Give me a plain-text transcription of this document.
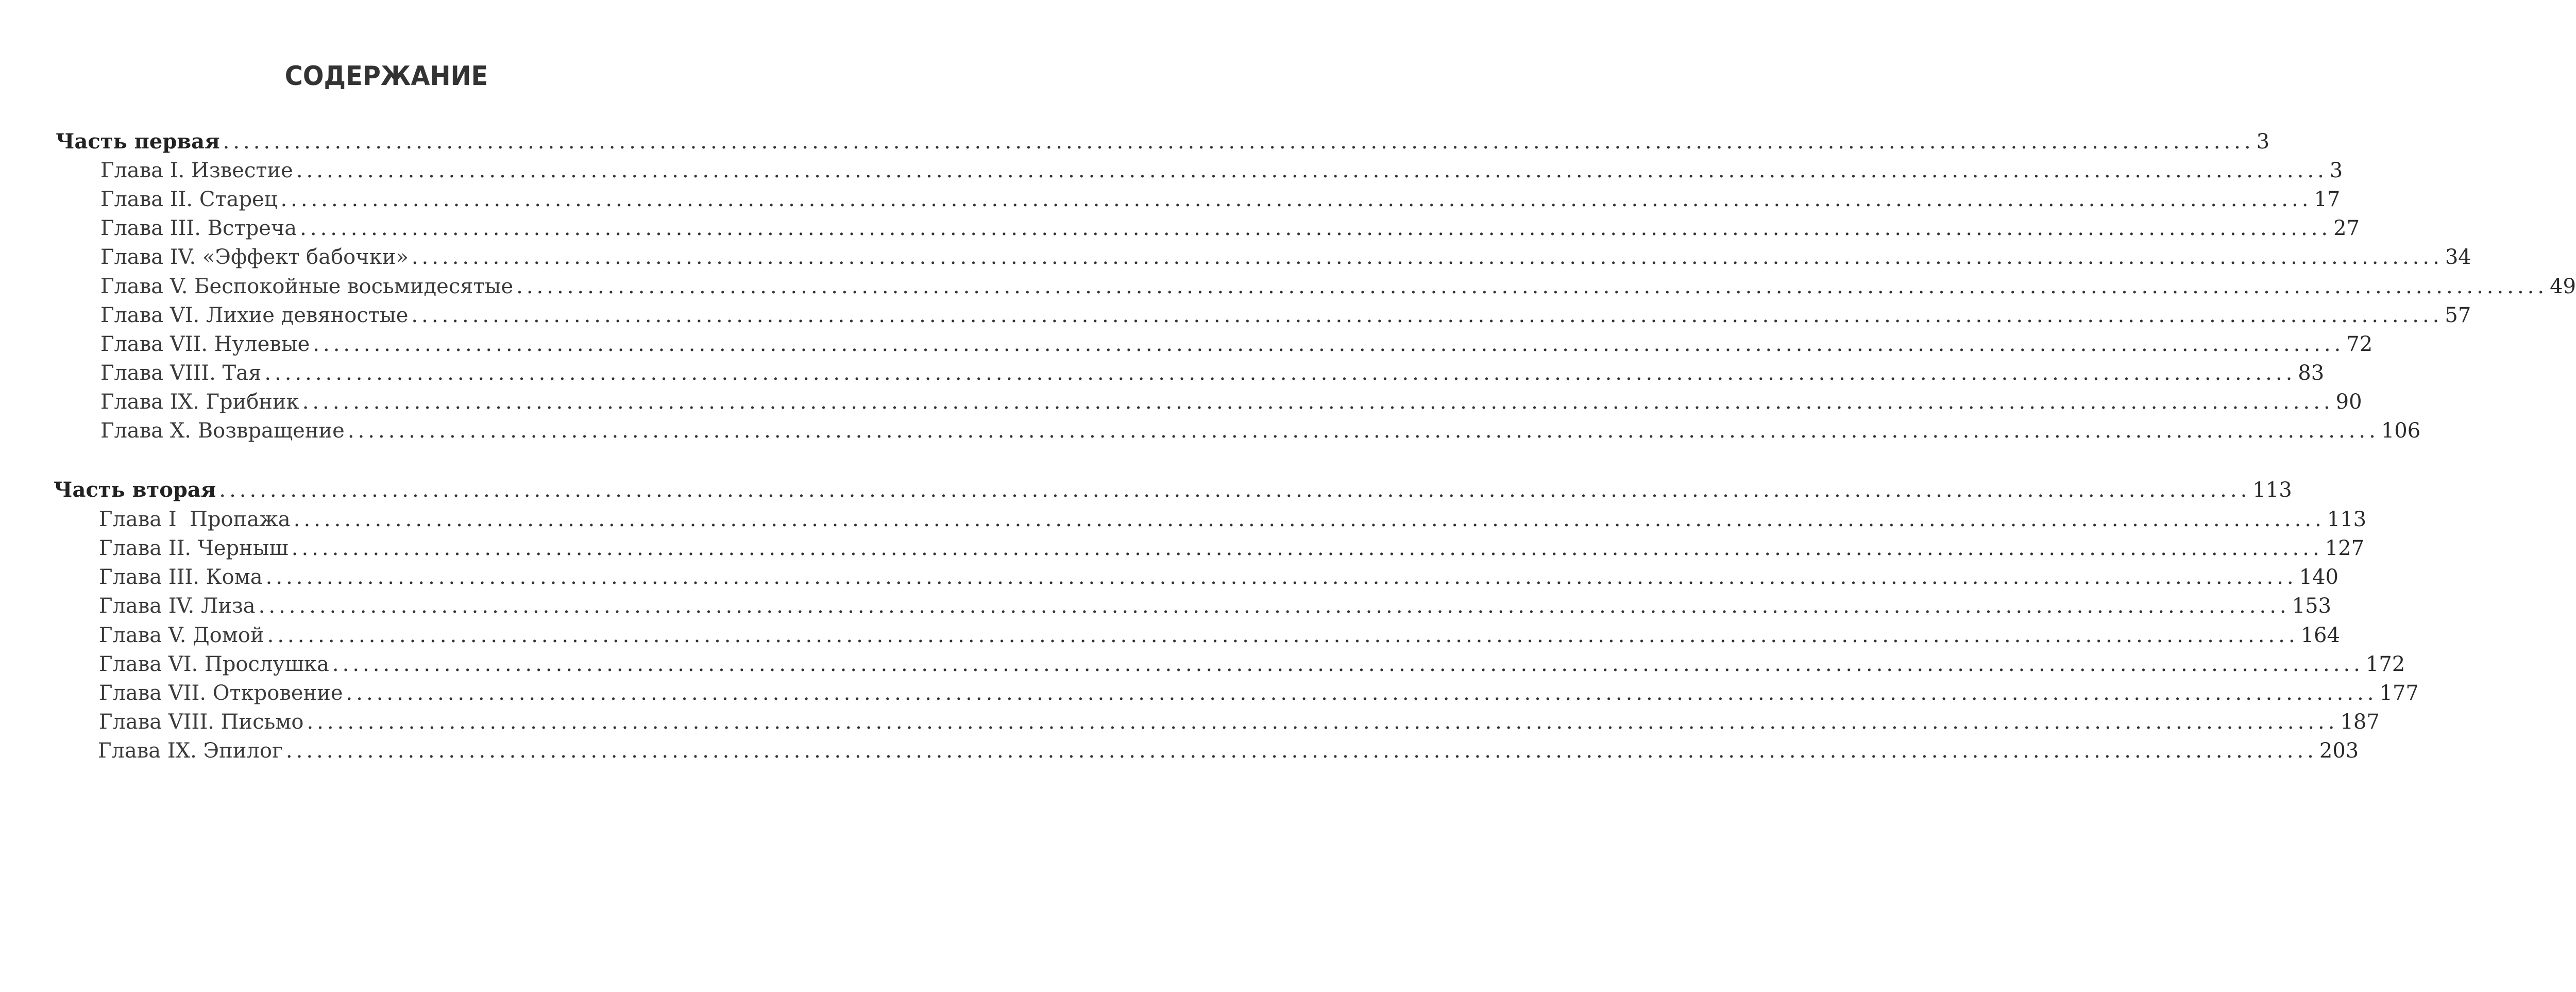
СОДЕРЖАНИЕ
Часть первая ........................................................................................................................................................................................................ 3
Глава I. Известие ........................................................................................................................................................................................................ 3
Глава II. Старец ........................................................................................................................................................................................................ 17
Глава III. Встреча ........................................................................................................................................................................................................ 27
Глава IV. «Эффект бабочки» ........................................................................................................................................................................................................ 34
Глава V. Беспокойные восьмидесятые ........................................................................................................................................................................................................ 49
Глава VI. Лихие девяностые ........................................................................................................................................................................................................ 57
Глава VII. Нулевые ........................................................................................................................................................................................................ 72
Глава VIII. Тая ........................................................................................................................................................................................................ 83
Глава IX. Грибник ........................................................................................................................................................................................................ 90
Глава X. Возвращение ........................................................................................................................................................................................................ 106
Часть вторая ........................................................................................................................................................................................................ 113
Глава I  Пропажа ........................................................................................................................................................................................................ 113
Глава II. Черныш ........................................................................................................................................................................................................ 127
Глава III. Кома ........................................................................................................................................................................................................ 140
Глава IV. Лиза ........................................................................................................................................................................................................ 153
Глава V. Домой ........................................................................................................................................................................................................ 164
Глава VI. Прослушка ........................................................................................................................................................................................................ 172
Глава VII. Откровение ........................................................................................................................................................................................................ 177
Глава VIII. Письмо ........................................................................................................................................................................................................ 187
Глава IX. Эпилог ........................................................................................................................................................................................................ 203
